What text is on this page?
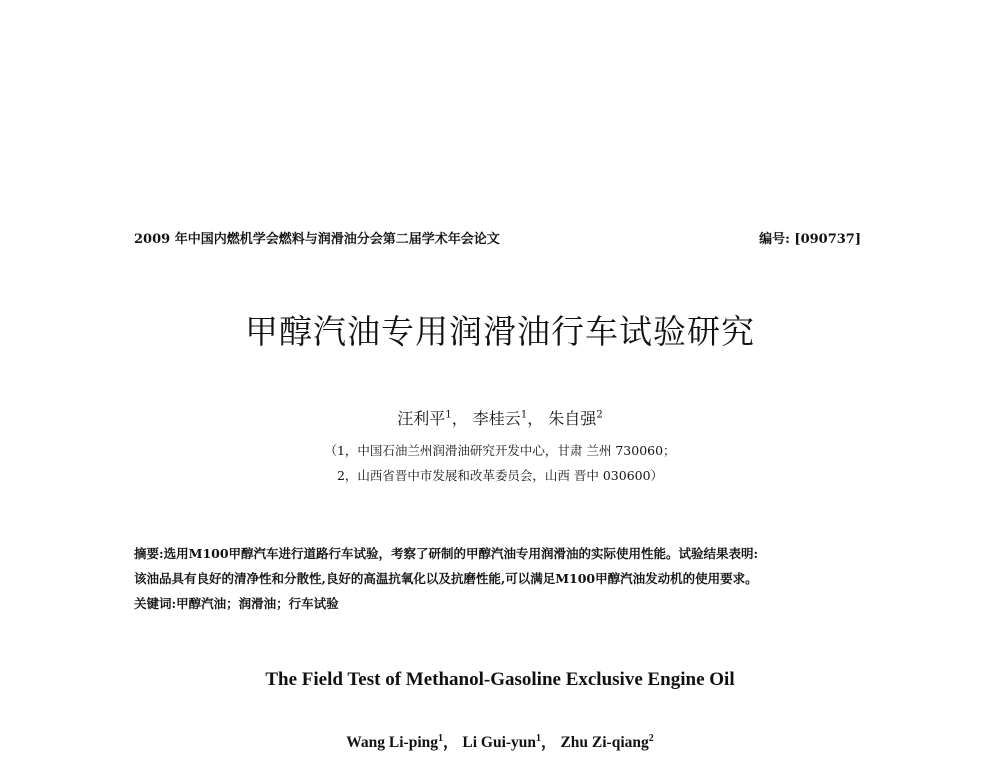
2009 年中国内燃机学会燃料与润滑油分会第二届学术年会论文	编号: [090737]
甲醇汽油专用润滑油行车试验研究
汪利平$^1$， 李桂云$^1$， 朱自强$^2$
（1，中国石油兰州润滑油研究开发中心，甘肃 兰州 730060；
2，山西省晋中市发展和改革委员会，山西 晋中 030600）
摘要:选用M100甲醇汽车进行道路行车试验，考察了研制的甲醇汽油专用润滑油的实际使用性能。试验结果表明:
该油品具有良好的清净性和分散性,良好的高温抗氧化以及抗磨性能,可以满足M100甲醇汽油发动机的使用要求。
关键词:甲醇汽油；润滑油；行车试验
The Field Test of Methanol-Gasoline Exclusive Engine Oil
Wang Li-ping$^1$， Li Gui-yun$^1$， Zhu Zi-qiang$^2$
